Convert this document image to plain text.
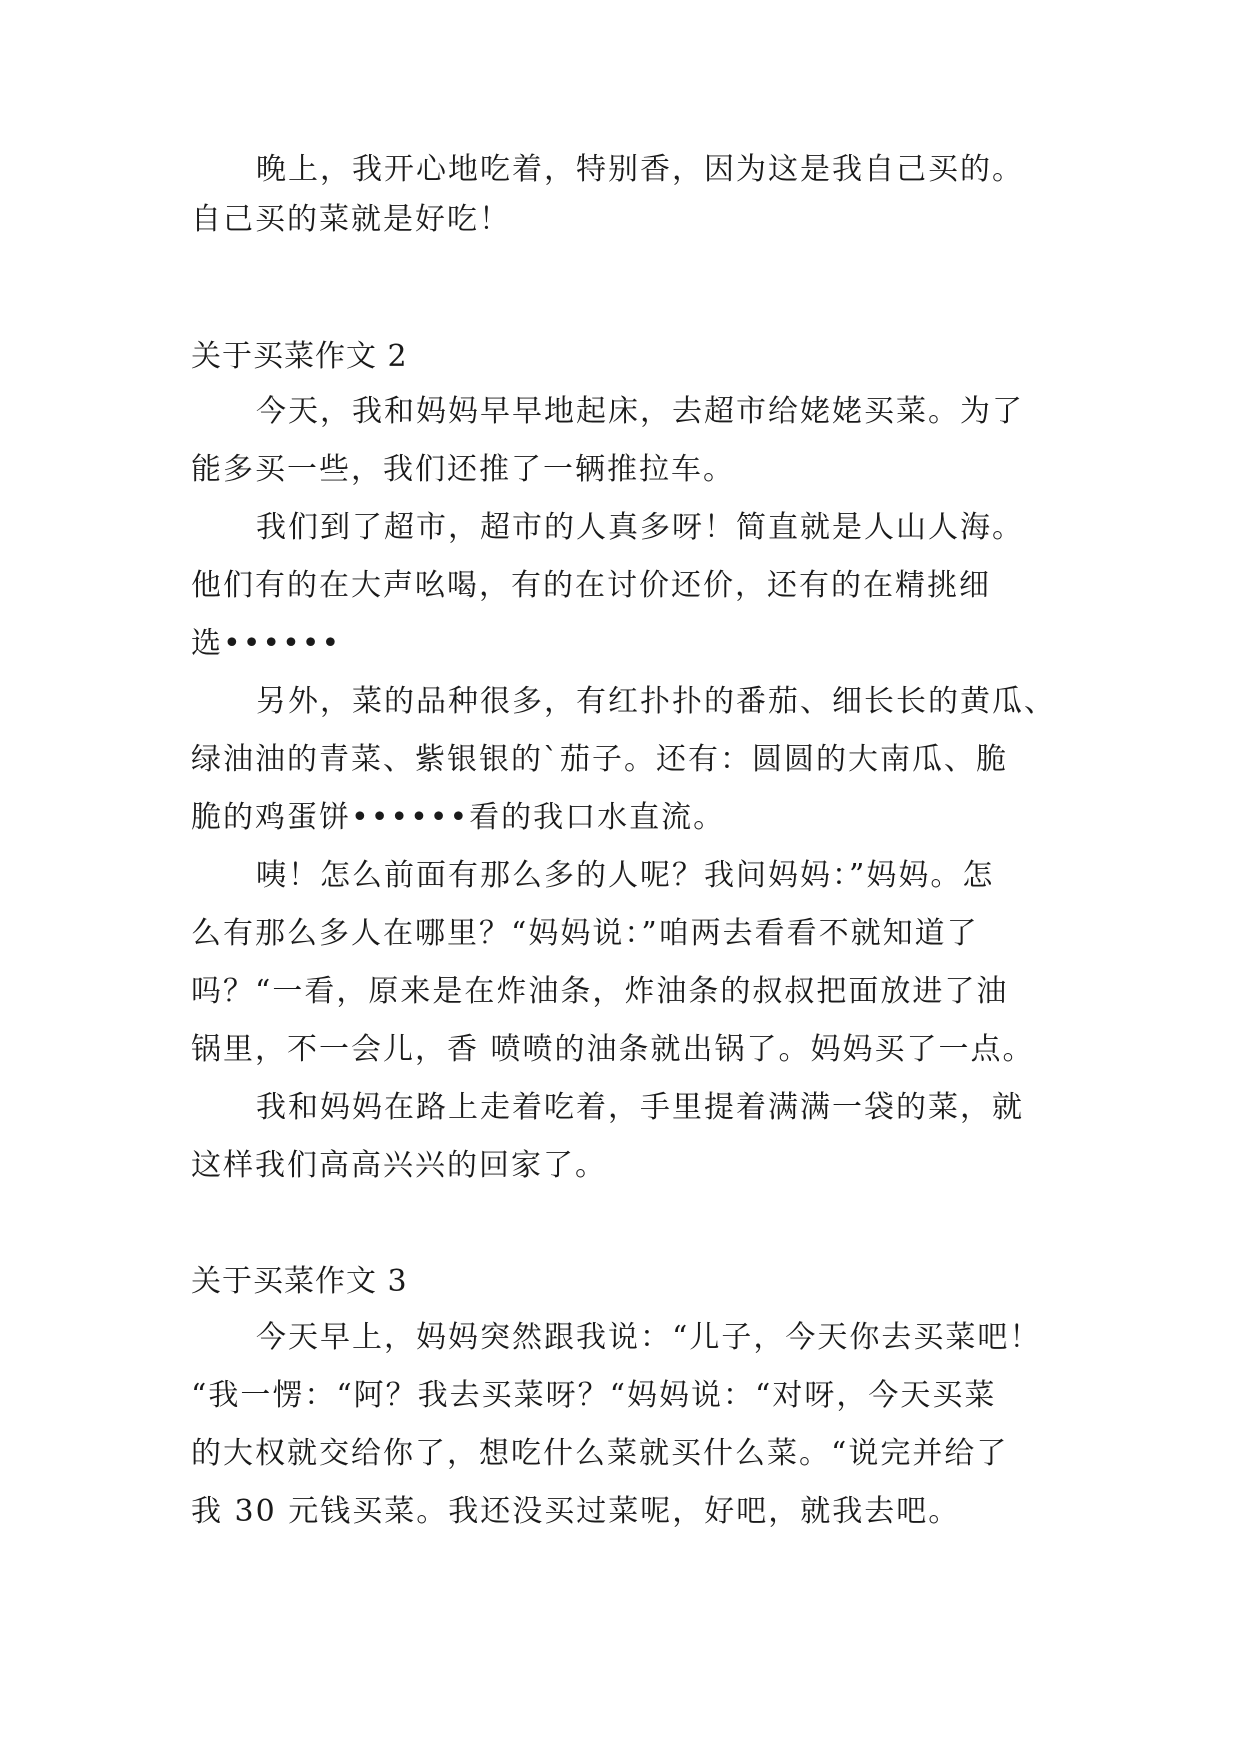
晚上，我开心地吃着，特别香，因为这是我自己买的。
自己买的菜就是好吃！
关于买菜作文 2
今天，我和妈妈早早地起床，去超市给姥姥买菜。为了
能多买一些，我们还推了一辆推拉车。
我们到了超市，超市的人真多呀！简直就是人山人海。
他们有的在大声吆喝，有的在讨价还价，还有的在精挑细
选••••••
另外，菜的品种很多，有红扑扑的番茄、细长长的黄瓜、
绿油油的青菜、紫银银的`茄子。还有：圆圆的大南瓜、脆
脆的鸡蛋饼••••••看的我口水直流。
咦！怎么前面有那么多的人呢？我问妈妈：”妈妈。怎
么有那么多人在哪里？“妈妈说：”咱两去看看不就知道了
吗？“一看，原来是在炸油条，炸油条的叔叔把面放进了油
锅里，不一会儿，香 喷喷的油条就出锅了。妈妈买了一点。
我和妈妈在路上走着吃着，手里提着满满一袋的菜，就
这样我们高高兴兴的回家了。
关于买菜作文 3
今天早上，妈妈突然跟我说：“儿子，今天你去买菜吧！
“我一愣：“阿？我去买菜呀？“妈妈说：“对呀，今天买菜
的大权就交给你了，想吃什么菜就买什么菜。“说完并给了
我 30 元钱买菜。我还没买过菜呢，好吧，就我去吧。
